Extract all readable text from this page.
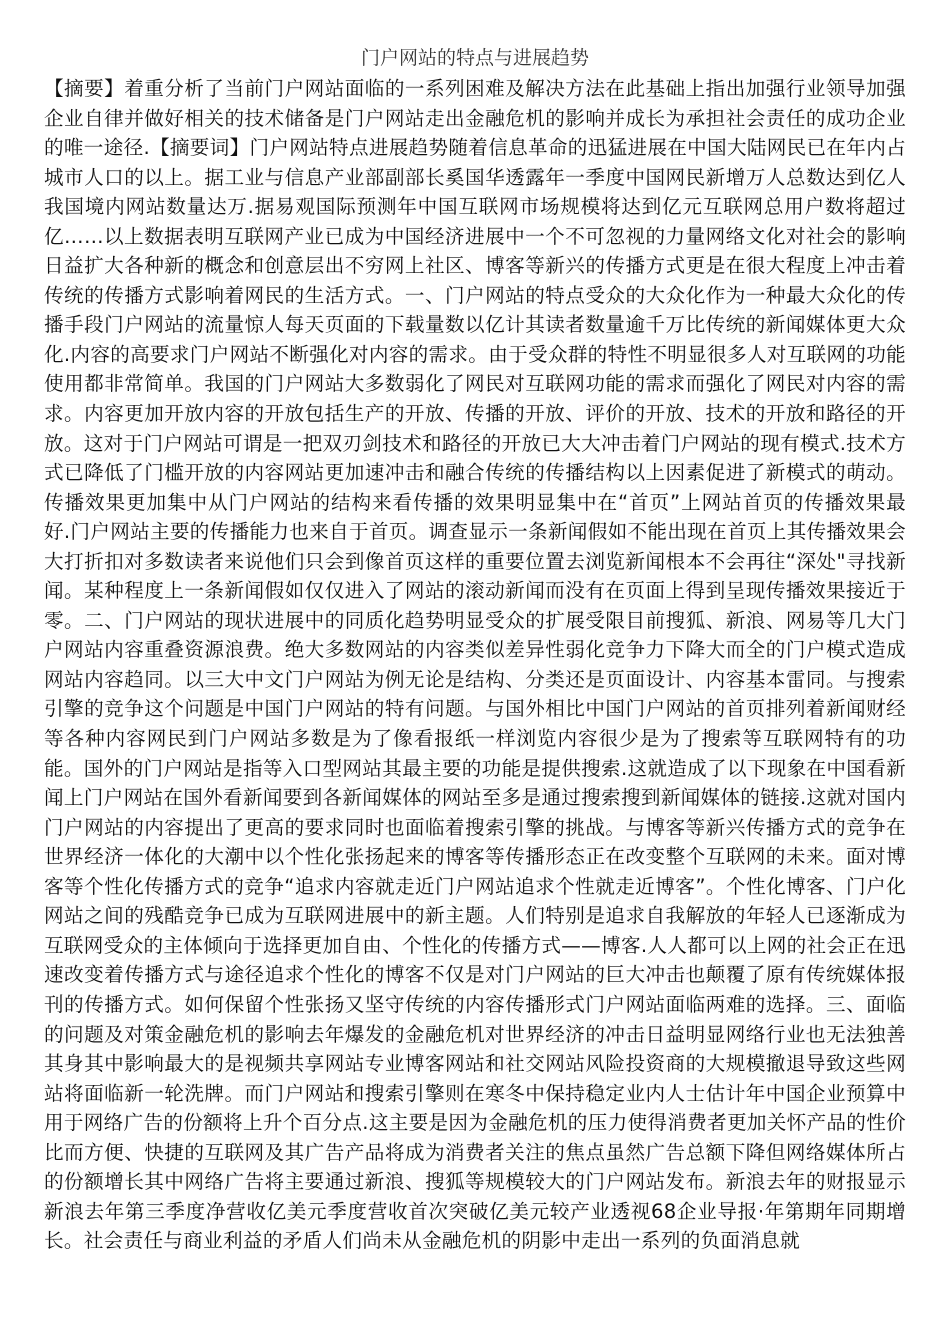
门户网站的特点与进展趋势

【摘要】着重分析了当前门户网站面临的一系列困难及解决方法在此基础上指出加强行业领导加强企业自律并做好相关的技术储备是门户网站走出金融危机的影响并成长为承担社会责任的成功企业的唯一途径.【摘要词】门户网站特点进展趋势随着信息革命的迅猛进展在中国大陆网民已在年内占城市人口的以上。据工业与信息产业部副部长奚国华透露年一季度中国网民新增万人总数达到亿人我国境内网站数量达万.据易观国际预测年中国互联网市场规模将达到亿元互联网总用户数将超过亿……以上数据表明互联网产业已成为中国经济进展中一个不可忽视的力量网络文化对社会的影响日益扩大各种新的概念和创意层出不穷网上社区、博客等新兴的传播方式更是在很大程度上冲击着传统的传播方式影响着网民的生活方式。一、门户网站的特点受众的大众化作为一种最大众化的传播手段门户网站的流量惊人每天页面的下载量数以亿计其读者数量逾千万比传统的新闻媒体更大众化.内容的高要求门户网站不断强化对内容的需求。由于受众群的特性不明显很多人对互联网的功能使用都非常简单。我国的门户网站大多数弱化了网民对互联网功能的需求而强化了网民对内容的需求。内容更加开放内容的开放包括生产的开放、传播的开放、评价的开放、技术的开放和路径的开放。这对于门户网站可谓是一把双刃剑技术和路径的开放已大大冲击着门户网站的现有模式.技术方式已降低了门槛开放的内容网站更加速冲击和融合传统的传播结构以上因素促进了新模式的萌动。传播效果更加集中从门户网站的结构来看传播的效果明显集中在“首页”上网站首页的传播效果最好.门户网站主要的传播能力也来自于首页。调查显示一条新闻假如不能出现在首页上其传播效果会大打折扣对多数读者来说他们只会到像首页这样的重要位置去浏览新闻根本不会再往“深处"寻找新闻。某种程度上一条新闻假如仅仅进入了网站的滚动新闻而没有在页面上得到呈现传播效果接近于零。二、门户网站的现状进展中的同质化趋势明显受众的扩展受限目前搜狐、新浪、网易等几大门户网站内容重叠资源浪费。绝大多数网站的内容类似差异性弱化竞争力下降大而全的门户模式造成网站内容趋同。以三大中文门户网站为例无论是结构、分类还是页面设计、内容基本雷同。与搜索引擎的竞争这个问题是中国门户网站的特有问题。与国外相比中国门户网站的首页排列着新闻财经等各种内容网民到门户网站多数是为了像看报纸一样浏览内容很少是为了搜索等互联网特有的功能。国外的门户网站是指等入口型网站其最主要的功能是提供搜索.这就造成了以下现象在中国看新闻上门户网站在国外看新闻要到各新闻媒体的网站至多是通过搜索搜到新闻媒体的链接.这就对国内门户网站的内容提出了更高的要求同时也面临着搜索引擎的挑战。与博客等新兴传播方式的竞争在世界经济一体化的大潮中以个性化张扬起来的博客等传播形态正在改变整个互联网的未来。面对博客等个性化传播方式的竞争“追求内容就走近门户网站追求个性就走近博客”。个性化博客、门户化网站之间的残酷竞争已成为互联网进展中的新主题。人们特别是追求自我解放的年轻人已逐渐成为互联网受众的主体倾向于选择更加自由、个性化的传播方式——博客.人人都可以上网的社会正在迅速改变着传播方式与途径追求个性化的博客不仅是对门户网站的巨大冲击也颠覆了原有传统媒体报刊的传播方式。如何保留个性张扬又坚守传统的内容传播形式门户网站面临两难的选择。三、面临的问题及对策金融危机的影响去年爆发的金融危机对世界经济的冲击日益明显网络行业也无法独善其身其中影响最大的是视频共享网站专业博客网站和社交网站风险投资商的大规模撤退导致这些网站将面临新一轮洗牌。而门户网站和搜索引擎则在寒冬中保持稳定业内人士估计年中国企业预算中用于网络广告的份额将上升个百分点.这主要是因为金融危机的压力使得消费者更加关怀产品的性价比而方便、快捷的互联网及其广告产品将成为消费者关注的焦点虽然广告总额下降但网络媒体所占的份额增长其中网络广告将主要通过新浪、搜狐等规模较大的门户网站发布。新浪去年的财报显示新浪去年第三季度净营收亿美元季度营收首次突破亿美元较产业透视68企业导报·年第期年同期增长。社会责任与商业利益的矛盾人们尚未从金融危机的阴影中走出一系列的负面消息就
